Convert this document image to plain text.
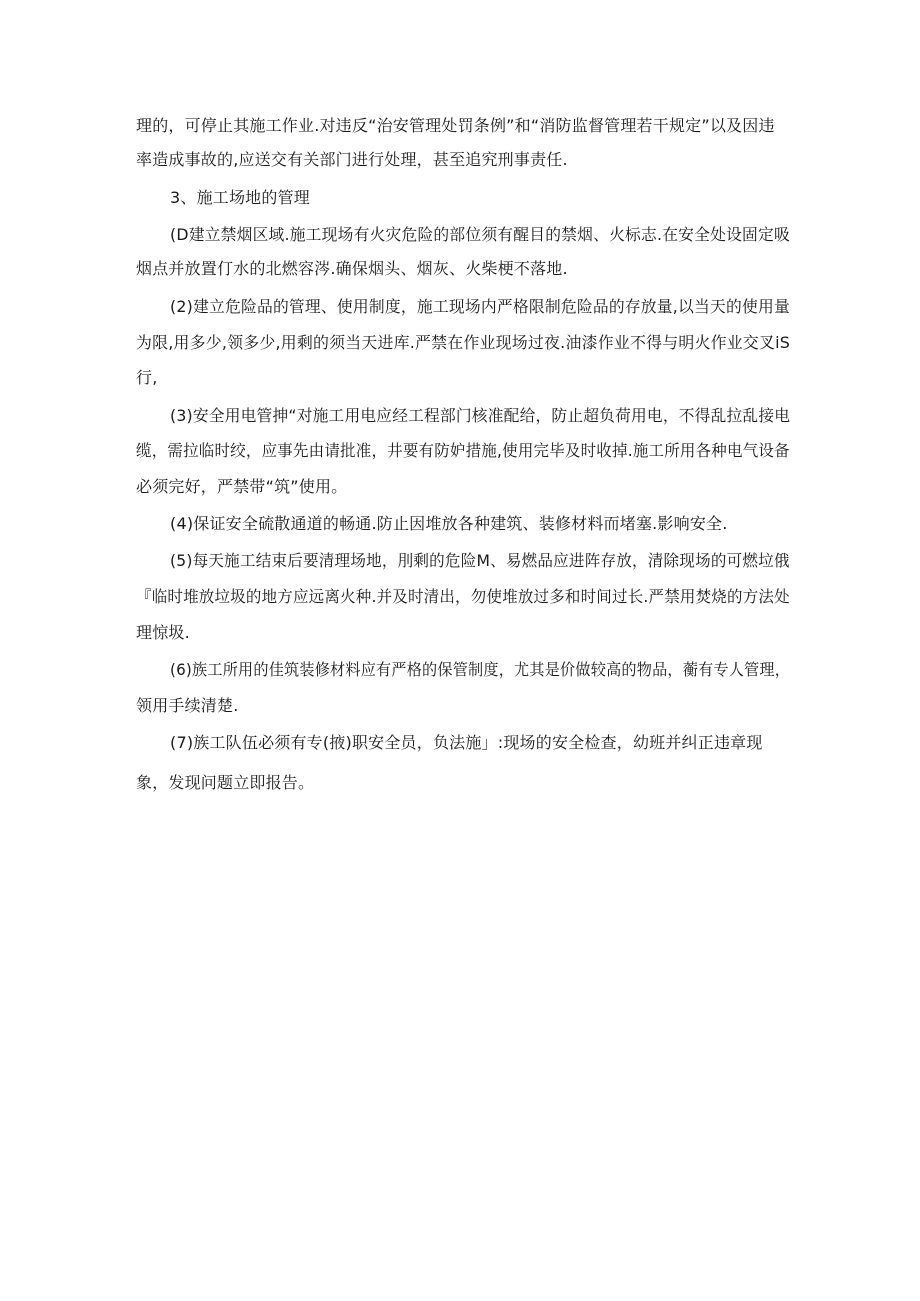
理的，可停止其施工作业.对违反“治安管理处罚条例”和“消防监督管理若干规定”以及因违
率造成事故的,应送交有关部门进行处理，甚至追究刑事责任.
3、施工场地的管理
(D建立禁烟区域.施工现场有火灾危险的部位须有醒目的禁烟、火标志.在安全处设固定吸
烟点并放置仃水的北燃容涔.确保烟头、烟灰、火柴梗不落地.
(2)建立危险品的管理、使用制度，施工现场内严格限制危险品的存放量,以当天的使用量
为限,用多少,领多少,用剩的须当天进库.严禁在作业现场过夜.油漆作业不得与明火作业交叉iS
行,
(3)安全用电管抻“对施工用电应经工程部门核准配给，防止超负荷用电，不得乱拉乱接电
缆，需拉临时绞，应事先由请批准，井要有防妒措施,使用完毕及时收掉.施工所用各种电气设备
必须完好，严禁带“筑”使用。
(4)保证安全硫散通道的畅通.防止因堆放各种建筑、装修材料而堵塞.影响安全.
(5)每天施工结束后要清理场地，刖剩的危险M、易燃品应进阵存放，清除现场的可燃垃俄
『临时堆放垃圾的地方应远离火种.并及时清出，勿使堆放过多和时间过长.严禁用焚烧的方法处
理惊圾.
(6)族工所用的佳筑装修材料应有严格的保管制度，尤其是价做较高的物品，蘅有专人管理，
领用手续清楚.
(7)族工队伍必须有专(掖)职安全员，负法施」:现场的安全检查，幼班并纠正违章现
象，发现问题立即报告。
